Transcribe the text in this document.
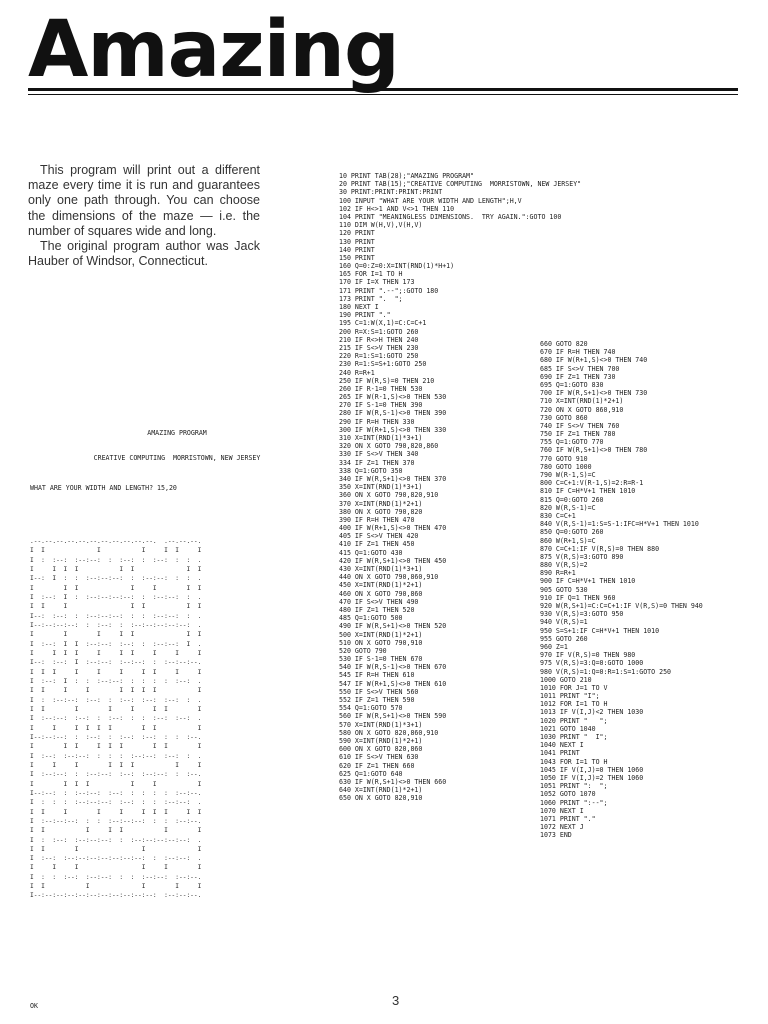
Amazing

This program will print out a different maze every time it is run and guarantees only one path through. You can choose the dimensions of the maze — i.e. the number of squares wide and long.

The original program author was Jack Hauber of Windsor, Connecticut.

AMAZING PROGRAM

CREATIVE COMPUTING  MORRISTOWN, NEW JERSEY

WHAT ARE YOUR WIDTH AND LENGTH? 15,20
.--.--.--.--.--.--.--.--.--.--.--.  .--.--.--.
I  I              I           I     I  I     I
I  :  :--:  :--:--:  :  :--:  :  :--:  :  :  .
I     I  I  I           I  I              I  I
I--:  I  :  :  :--:--:--:  :  :--:--:  :  :  .
I        I  I              I     I        I  I
I  :--:  I  :  :--:--:--:--:  :  :--:--:  :  .
I  I     I                 I  I           I  I
I--:  :--:  :  :--:--:--:  :  :  :--:--:  :  .
I--:--:--:--:  :  :--:  :  :--:--:--:--:--:  .
I        I        I     I  I              I  I
I  :--:  I  I  :--:--:  :--:  :  :--:--:  I  .
I     I  I  I     I     I  I     I     I     I
I--:  :--:  I  :--:--:  :--:--:  :  :--:--:--.
I  I  I     I     I     I     I  I     I     I
I  :--:  I  :  :  :--:--:  :  :  :  :  :--:  .
I  I     I     I        I  I  I  I           I
I  :  :--:--:  :--:  :  :--:  :--:  :--:  :  .
I  I        I        I     I     I  I        I
I  :--:--:  :--:  :  :--:  :  :  :--:  :--:  .
I     I     I  I  I  I        I  I           I
I--:--:--:  :  :--:  :  :--:  :--:  :  :  :--.
I        I  I     I  I  I        I  I        I
I  :--:  :--:--:  :  :  :  :--:--:  :--:  :  .
I     I     I        I  I  I           I     I
I  :--:--:  :  :--:--:  :--:  :--:--:  :  :--.
I        I  I  I           I     I           I
I--:--:  :  :--:--:  :--:  :  :  :  :  :--:--.
I  :  :  :  :--:--:--:  :--:  :  :  :--:--:  .
I  I     I        I     I     I  I  I     I  I
I  :--:--:--:  :  :  :--:--:--:  :  :  :--:--.
I  I           I     I  I           I        I
I  :  :--:  :--:--:--:  :  :--:--:--:--:--:  .
I  I        I                 I              I
I  :--:  :--:--:--:--:--:--:--:  :  :--:--:  .
I     I     I                 I     I        I
I  :  :  :--:  :--:--:  :  :  :--:--:  :--:--.
I  I           I              I        I     I
I--:--:--:--:--:--:--:--:--:--:--:  :--:--:--.
OK
10 PRINT TAB(28);"AMAZING PROGRAM"
20 PRINT TAB(15);"CREATIVE COMPUTING  MORRISTOWN, NEW JERSEY"
30 PRINT:PRINT:PRINT:PRINT
100 INPUT "WHAT ARE YOUR WIDTH AND LENGTH";H,V
102 IF H<>1 AND V<>1 THEN 110
104 PRINT "MEANINGLESS DIMENSIONS.  TRY AGAIN.":GOTO 100
110 DIM W(H,V),V(H,V)
120 PRINT
130 PRINT
140 PRINT
150 PRINT
160 Q=0:Z=0:X=INT(RND(1)*H+1)
165 FOR I=1 TO H
170 IF I=X THEN 173
171 PRINT ".--";:GOTO 180
173 PRINT ".  ";
180 NEXT I
190 PRINT "."
195 C=1:W(X,1)=C:C=C+1
200 R=X:S=1:GOTO 260
210 IF R<>H THEN 240
215 IF S<>V THEN 230
220 R=1:S=1:GOTO 250
230 R=1:S=S+1:GOTO 250
240 R=R+1
250 IF W(R,S)=0 THEN 210
260 IF R-1=0 THEN 530
265 IF W(R-1,S)<>0 THEN 530
270 IF S-1=0 THEN 390
280 IF W(R,S-1)<>0 THEN 390
290 IF R=H THEN 330
300 IF W(R+1,S)<>0 THEN 330
310 X=INT(RND(1)*3+1)
320 ON X GOTO 790,820,860
330 IF S<>V THEN 340
334 IF Z=1 THEN 370
338 Q=1:GOTO 350
340 IF W(R,S+1)<>0 THEN 370
350 X=INT(RND(1)*3+1)
360 ON X GOTO 790,820,910
370 X=INT(RND(1)*2+1)
380 ON X GOTO 790,820
390 IF R=H THEN 470
400 IF W(R+1,S)<>0 THEN 470
405 IF S<>V THEN 420
410 IF Z=1 THEN 450
415 Q=1:GOTO 430
420 IF W(R,S+1)<>0 THEN 450
430 X=INT(RND(1)*3+1)
440 ON X GOTO 790,860,910
450 X=INT(RND(1)*2+1)
460 ON X GOTO 790,860
470 IF S<>V THEN 490
480 IF Z=1 THEN 520
485 Q=1:GOTO 500
490 IF W(R,S+1)<>0 THEN 520
500 X=INT(RND(1)*2+1)
510 ON X GOTO 790,910
520 GOTO 790
530 IF S-1=0 THEN 670
540 IF W(R,S-1)<>0 THEN 670
545 IF R=H THEN 610
547 IF W(R+1,S)<>0 THEN 610
550 IF S<>V THEN 560
552 IF Z=1 THEN 590
554 Q=1:GOTO 570
560 IF W(R,S+1)<>0 THEN 590
570 X=INT(RND(1)*3+1)
580 ON X GOTO 820,860,910
590 X=INT(RND(1)*2+1)
600 ON X GOTO 820,860
610 IF S<>V THEN 630
620 IF Z=1 THEN 660
625 Q=1:GOTO 640
630 IF W(R,S+1)<>0 THEN 660
640 X=INT(RND(1)*2+1)
650 ON X GOTO 820,910
660 GOTO 820
670 IF R=H THEN 740
680 IF W(R+1,S)<>0 THEN 740
685 IF S<>V THEN 700
690 IF Z=1 THEN 730
695 Q=1:GOTO 830
700 IF W(R,S+1)<>0 THEN 730
710 X=INT(RND(1)*2+1)
720 ON X GOTO 860,910
730 GOTO 860
740 IF S<>V THEN 760
750 IF Z=1 THEN 780
755 Q=1:GOTO 770
760 IF W(R,S+1)<>0 THEN 780
770 GOTO 910
780 GOTO 1000
790 W(R-1,S)=C
800 C=C+1:V(R-1,S)=2:R=R-1
810 IF C=H*V+1 THEN 1010
815 Q=0:GOTO 260
820 W(R,S-1)=C
830 C=C+1
840 V(R,S-1)=1:S=S-1:IFC=H*V+1 THEN 1010
850 Q=0:GOTO 260
860 W(R+1,S)=C
870 C=C+1:IF V(R,S)=0 THEN 880
875 V(R,S)=3:GOTO 890
880 V(R,S)=2
890 R=R+1
900 IF C=H*V+1 THEN 1010
905 GOTO 530
910 IF Q=1 THEN 960
920 W(R,S+1)=C:C=C+1:IF V(R,S)=0 THEN 940
930 V(R,S)=3:GOTO 950
940 V(R,S)=1
950 S=S+1:IF C=H*V+1 THEN 1010
955 GOTO 260
960 Z=1
970 IF V(R,S)=0 THEN 980
975 V(R,S)=3:Q=0:GOTO 1000
980 V(R,S)=1:Q=0:R=1:S=1:GOTO 250
1000 GOTO 210
1010 FOR J=1 TO V
1011 PRINT "I";
1012 FOR I=1 TO H
1013 IF V(I,J)<2 THEN 1030
1020 PRINT "   ";
1021 GOTO 1040
1030 PRINT "  I";
1040 NEXT I
1041 PRINT
1043 FOR I=1 TO H
1045 IF V(I,J)=0 THEN 1060
1050 IF V(I,J)=2 THEN 1060
1051 PRINT ":  ";
1052 GOTO 1070
1060 PRINT ":--";
1070 NEXT I
1071 PRINT "."
1072 NEXT J
1073 END
3
